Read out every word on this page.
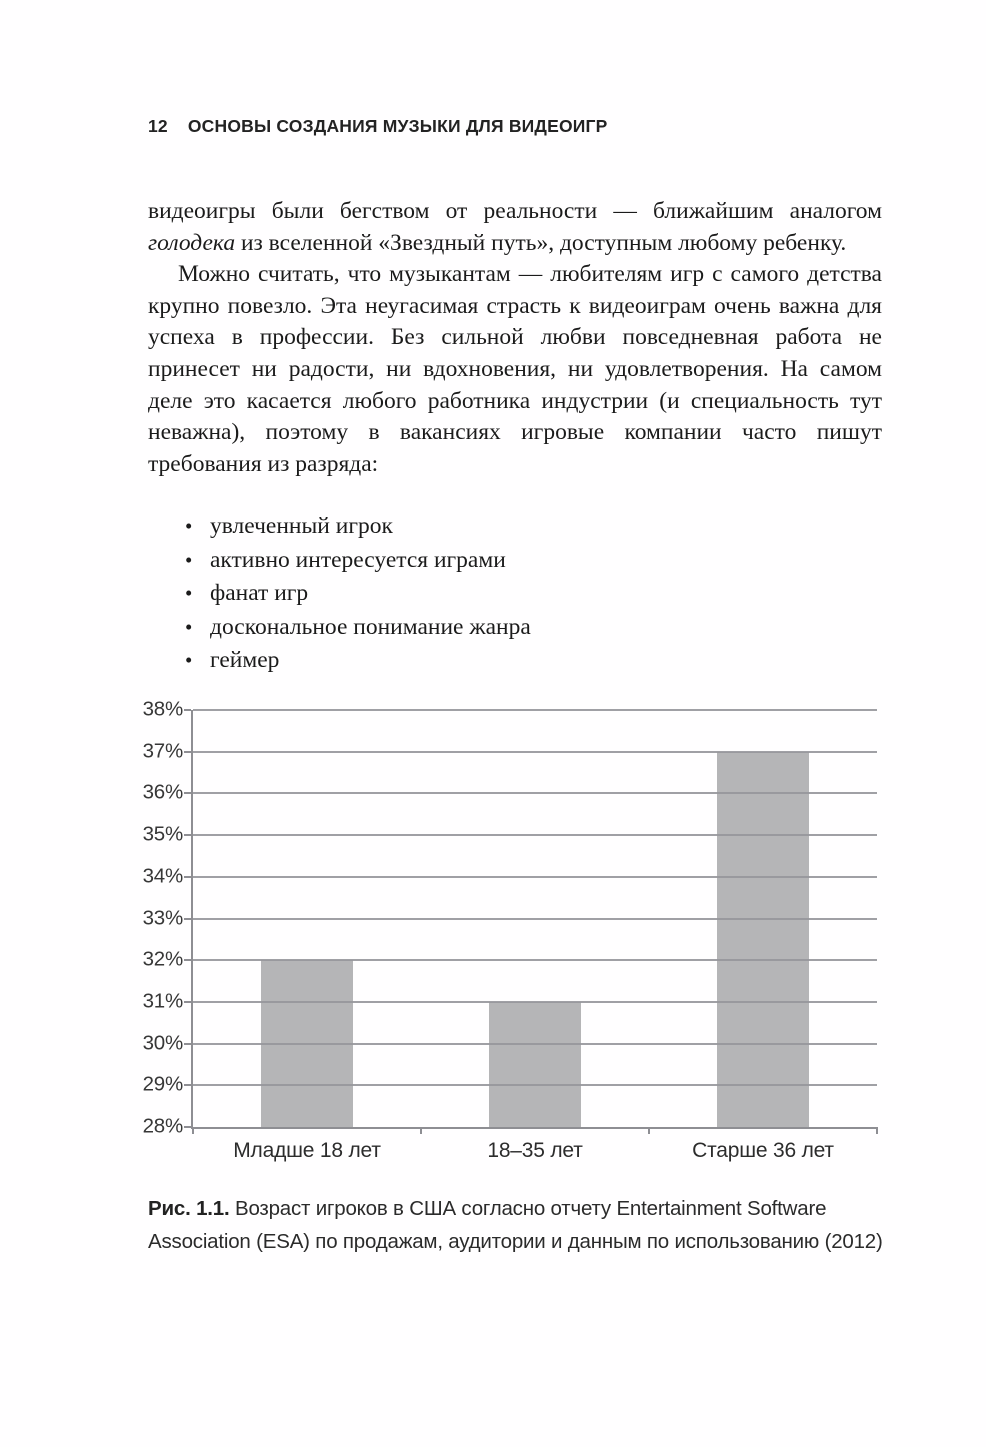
12 ОСНОВЫ СОЗДАНИЯ МУЗЫКИ ДЛЯ ВИДЕОИГР

видеоигры были бегством от реальности — ближайшим аналогом голодека из вселенной «Звездный путь», доступным любому ребенку.

Можно считать, что музыкантам — любителям игр с самого детства крупно повезло. Эта неугасимая страсть к видеоиграм очень важна для успеха в профессии. Без сильной любви повседневная работа не принесет ни радости, ни вдохновения, ни удовлетворения. На самом деле это касается любого работника индустрии (и специальность тут неважна), поэтому в вакансиях игровые компании часто пишут требования из разряда:

• увлеченный игрок
• активно интересуется играми
• фанат игр
• доскональное понимание жанра
• геймер
38%
37%
36%
35%
34%
33%
32%
31%
30%
29%
28%
Младше 18 лет	18–35 лет	Старше 36 лет

Рис. 1.1. Возраст игроков в США согласно отчету Entertainment Software Association (ESA) по продажам, аудитории и данным по использованию (2012)
